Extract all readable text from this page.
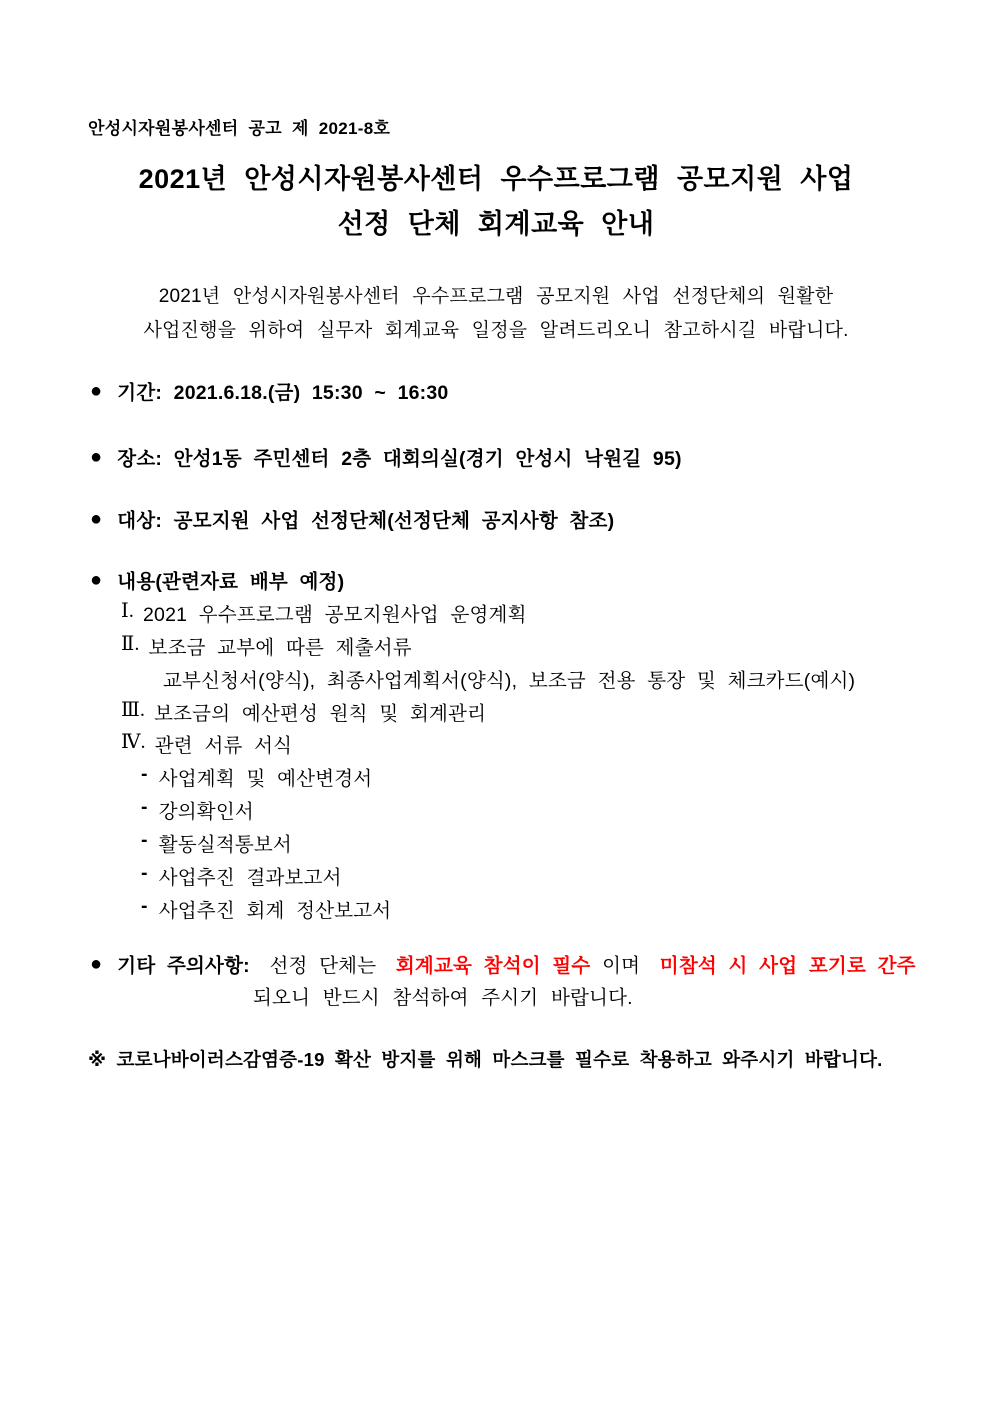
안성시자원봉사센터 공고 제 2021-8호
2021년 안성시자원봉사센터 우수프로그램 공모지원 사업
선정 단체 회계교육 안내
2021년 안성시자원봉사센터 우수프로그램 공모지원 사업 선정단체의 원활한
사업진행을 위하여 실무자 회계교육 일정을 알려드리오니 참고하시길 바랍니다.
● 기간: 2021.6.18.(금) 15:30 ~ 16:30
● 장소: 안성1동 주민센터 2층 대회의실(경기 안성시 낙원길 95)
● 대상: 공모지원 사업 선정단체(선정단체 공지사항 참조)
● 내용(관련자료 배부 예정)
Ⅰ. 2021 우수프로그램 공모지원사업 운영계획
Ⅱ. 보조금 교부에 따른 제출서류
교부신청서(양식), 최종사업계획서(양식), 보조금 전용 통장 및 체크카드(예시)
Ⅲ. 보조금의 예산편성 원칙 및 회계관리
Ⅳ. 관련 서류 서식
- 사업계획 및 예산변경서
- 강의확인서
- 활동실적통보서
- 사업추진 결과보고서
- 사업추진 회계 정산보고서
● 기타 주의사항: 선정 단체는 회계교육 참석이 필수 이며 미참석 시 사업 포기로 간주
되오니 반드시 참석하여 주시기 바랍니다.
※ 코로나바이러스감염증-19 확산 방지를 위해 마스크를 필수로 착용하고 와주시기 바랍니다.
